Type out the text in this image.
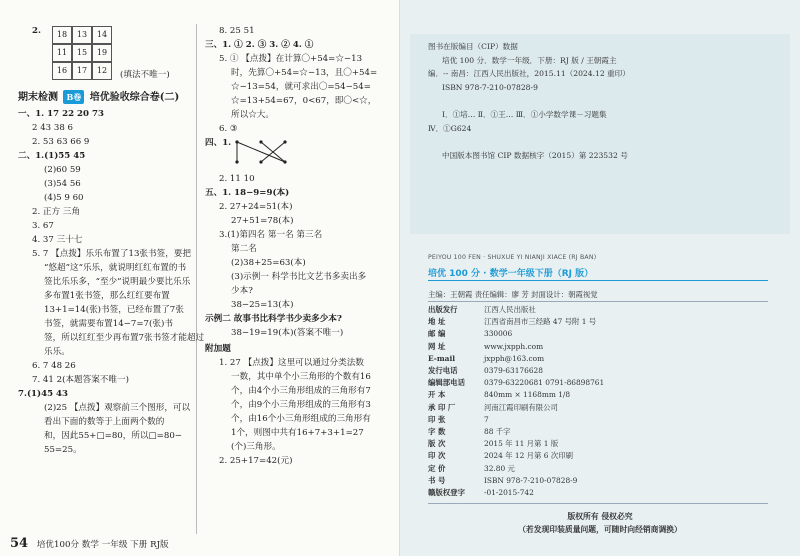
2.	18	13	14
11	15	19
16	17	12	(填法不唯一)
期末检测 B卷 培优验收综合卷(二)
一、1. 17 22 20 73
2 43 38 6
2. 53 63 66 9
二、1.(1)55 45
(2)60 59
(3)54 56
(4)5 9 60
2. 正方 三角
3. 67
4. 37 三十七
5. 7 【点拨】乐乐布置了13张书签，要把
“悠超”这“乐乐，就说明红红布置的书
签比乐乐多，“至少”说明最少要比乐乐
多布置1张书签，那么红红要布置
13+1=14(张)书签，已经布置了7张
书签，就需要布置14−7=7(张)书
签，所以红红至少再布置7张书签才能超过
乐乐。
6. 7 48 26
7. 41 2(本题答案不唯一)
7.(1)45 43
(2)25 【点拨】观察前三个图形，可以
看出下面的数等于上面两个数的
和，因此55+□=80，所以□=80−
55=25。
8. 25 51
三、1. ① 2. ③ 3. ② 4. ①
5. ① 【点拨】在计算〇+54=☆−13
时，先算〇+54=☆−13，且〇+54=
☆−13=54，就可求出〇=54−54=
☆=13+54=67，0<67，即〇<☆，
所以☆大。
6. ③
四、1.
2. 11 10
五、1. 18−9=9(本)
2. 27+24=51(本)
27+51=78(本)
3.(1)第四名 第一名 第三名
第二名
(2)38+25=63(本)
(3)示例一 科学书比文艺书多卖出多
少本?
38−25=13(本)
示例二 故事书比科学书少卖多少本?
38−19=19(本)(答案不唯一)
附加题
1. 27 【点拨】这里可以通过分类法数
一数，其中单个小三角形的个数有16
个，由4个小三角形组成的三角形有7
个，由9个小三角形组成的三角形有3
个，由16个小三角形组成的三角形有
1个，则图中共有16+7+3+1=27
(个)三角形。
2. 25+17=42(元)
54 培优100分 数学 一年级 下册 RJ版
图书在版编目（CIP）数据
培优 100 分．数学一年级．下册：RJ 版 / 王朝霞主
编．-- 南昌：江西人民出版社，2015.11（2024.12 重印）
ISBN 978-7-210-07828-9
Ⅰ．①培… Ⅱ．①王… Ⅲ．①小学数学课－习题集
Ⅳ．①G624
中国版本图书馆 CIP 数据核字（2015）第 223532 号
PEIYOU 100 FEN · SHUXUE YI NIANJI XIACE (RJ BAN)
培优 100 分 · 数学一年级下册（RJ 版）
主编：王朝霞 责任编辑：廖 芳 封面设计：朝霞视觉
出版发行	江西人民出版社
地 址	江西省南昌市三经路 47 号附 1 号
邮 编	330006
网 址	www.jxpph.com
E-mail	jxpph@163.com
发行电话	0379-63176628
编辑部电话	0379-63220681 0791-86898761
开 本	840mm × 1168mm 1/8
承 印 厂	河南江霞印刷有限公司
印 张	7
字 数	88 千字
版 次	2015 年 11 月第 1 版
印 次	2024 年 12 月第 6 次印刷
定 价	32.80 元
书 号	ISBN 978-7-210-07828-9
赣版权登字	-01-2015-742
版权所有 侵权必究
（若发现印装质量问题，可随时向经销商调换）
